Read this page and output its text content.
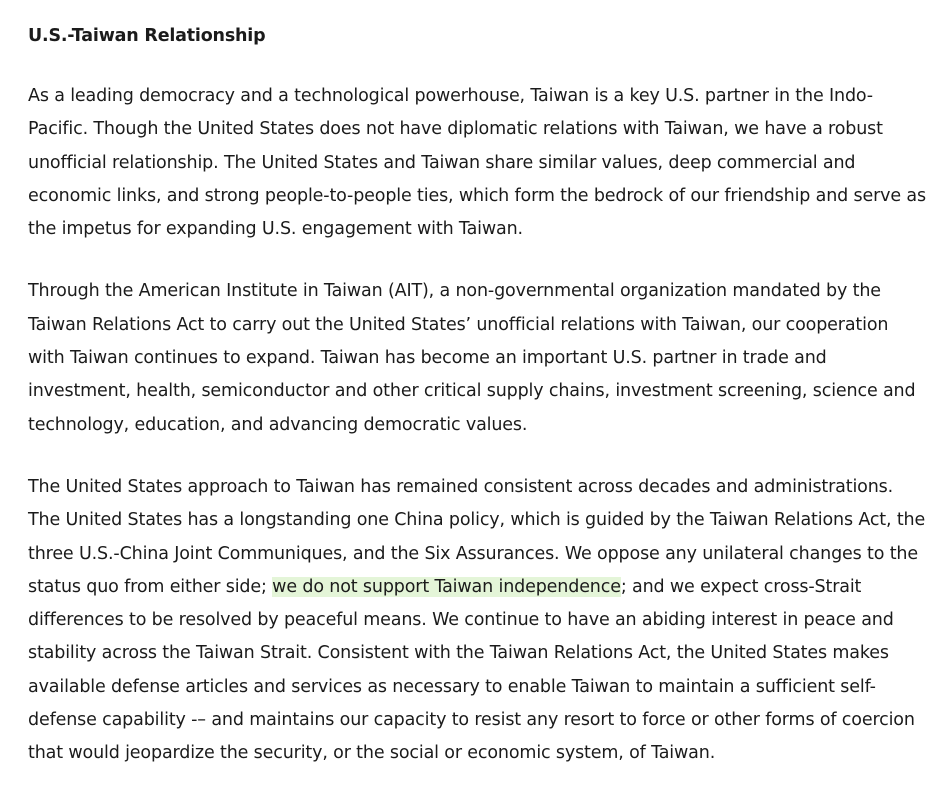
U.S.-Taiwan Relationship

As a leading democracy and a technological powerhouse, Taiwan is a key U.S. partner in the Indo-Pacific. Though the United States does not have diplomatic relations with Taiwan, we have a robust unofficial relationship. The United States and Taiwan share similar values, deep commercial and economic links, and strong people-to-people ties, which form the bedrock of our friendship and serve as the impetus for expanding U.S. engagement with Taiwan.

Through the American Institute in Taiwan (AIT), a non-governmental organization mandated by the Taiwan Relations Act to carry out the United States’ unofficial relations with Taiwan, our cooperation with Taiwan continues to expand. Taiwan has become an important U.S. partner in trade and investment, health, semiconductor and other critical supply chains, investment screening, science and technology, education, and advancing democratic values.

The United States approach to Taiwan has remained consistent across decades and administrations. The United States has a longstanding one China policy, which is guided by the Taiwan Relations Act, the three U.S.-China Joint Communiques, and the Six Assurances. We oppose any unilateral changes to the status quo from either side; we do not support Taiwan independence; and we expect cross-Strait differences to be resolved by peaceful means. We continue to have an abiding interest in peace and stability across the Taiwan Strait. Consistent with the Taiwan Relations Act, the United States makes available defense articles and services as necessary to enable Taiwan to maintain a sufficient self-defense capability -– and maintains our capacity to resist any resort to force or other forms of coercion that would jeopardize the security, or the social or economic system, of Taiwan.
